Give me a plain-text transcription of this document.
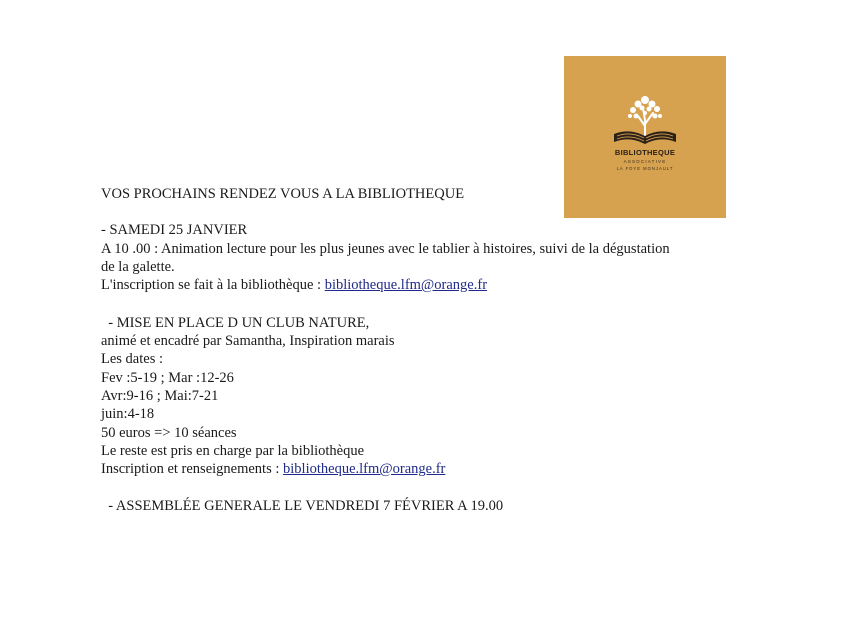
BIBLIOTHEQUE
ASSOCIATIVE
LA FOYE MONJAULT
VOS PROCHAINS RENDEZ VOUS A LA BIBLIOTHEQUE
- SAMEDI 25 JANVIER
A 10 .00 : Animation lecture pour les plus jeunes avec le tablier à histoires, suivi de la dégustation
de la galette.
L'inscription se fait à la bibliothèque : bibliotheque.lfm@orange.fr
- MISE EN PLACE D UN CLUB NATURE,
animé et encadré par Samantha, Inspiration marais
Les dates :
Fev :5-19 ; Mar :12-26
Avr:9-16 ; Mai:7-21
juin:4-18
50 euros => 10 séances
Le reste est pris en charge par la bibliothèque
Inscription et renseignements : bibliotheque.lfm@orange.fr
- ASSEMBLÉE GENERALE LE VENDREDI 7 FÉVRIER A 19.00
